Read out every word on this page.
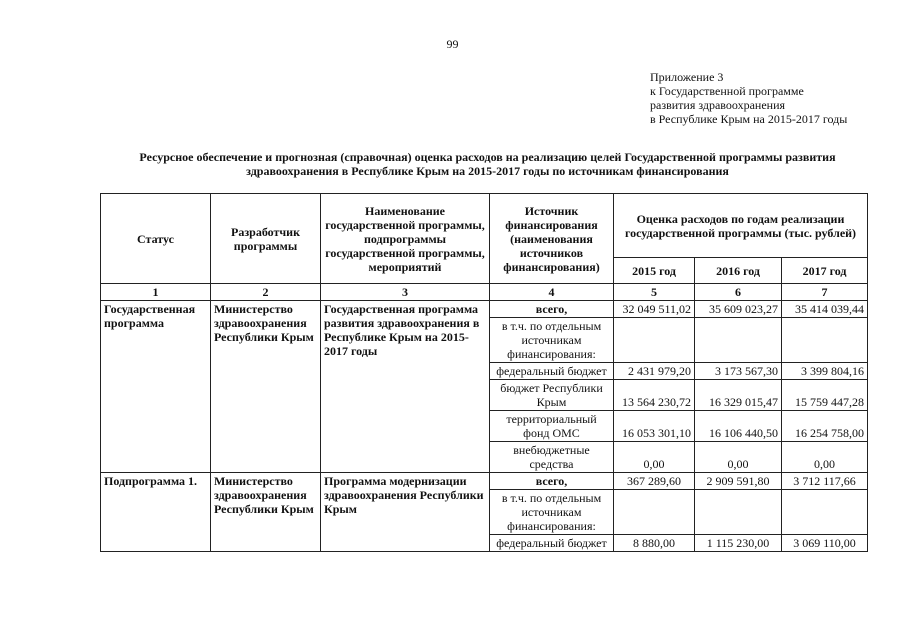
99
Приложение 3
к Государственной программе
развития здравоохранения
в Республике Крым на 2015-2017 годы
Ресурсное обеспечение и прогнозная (справочная) оценка расходов на реализацию целей Государственной программы развития здравоохранения в Республике Крым на 2015-2017 годы по источникам финансирования
Статус	Разработчик программы	Наименование государственной программы, подпрограммы государственной программы, мероприятий	Источник финансирования (наименования источников финансирования)	Оценка расходов по годам реализации государственной программы (тыс. рублей)		
				2015 год	2016 год	2017 год
1	2	3	4	5	6	7
Государственная программа	Министерство здравоохранения Республики Крым	Государственная программа развития здравоохранения в Республике Крым на 2015-2017 годы	всего,	32 049 511,02	35 609 023,27	35 414 039,44
			в т.ч. по отдельным источникам финансирования:			
			федеральный бюджет	2 431 979,20	3 173 567,30	3 399 804,16
			бюджет Республики Крым	13 564 230,72	16 329 015,47	15 759 447,28
			территориальный фонд ОМС	16 053 301,10	16 106 440,50	16 254 758,00
			внебюджетные средства	0,00	0,00	0,00
Подпрограмма 1.	Министерство здравоохранения Республики Крым	Программа модернизации здравоохранения Республики Крым	всего,	367 289,60	2 909 591,80	3 712 117,66
			в т.ч. по отдельным источникам финансирования:			
			федеральный бюджет	8 880,00	1 115 230,00	3 069 110,00
